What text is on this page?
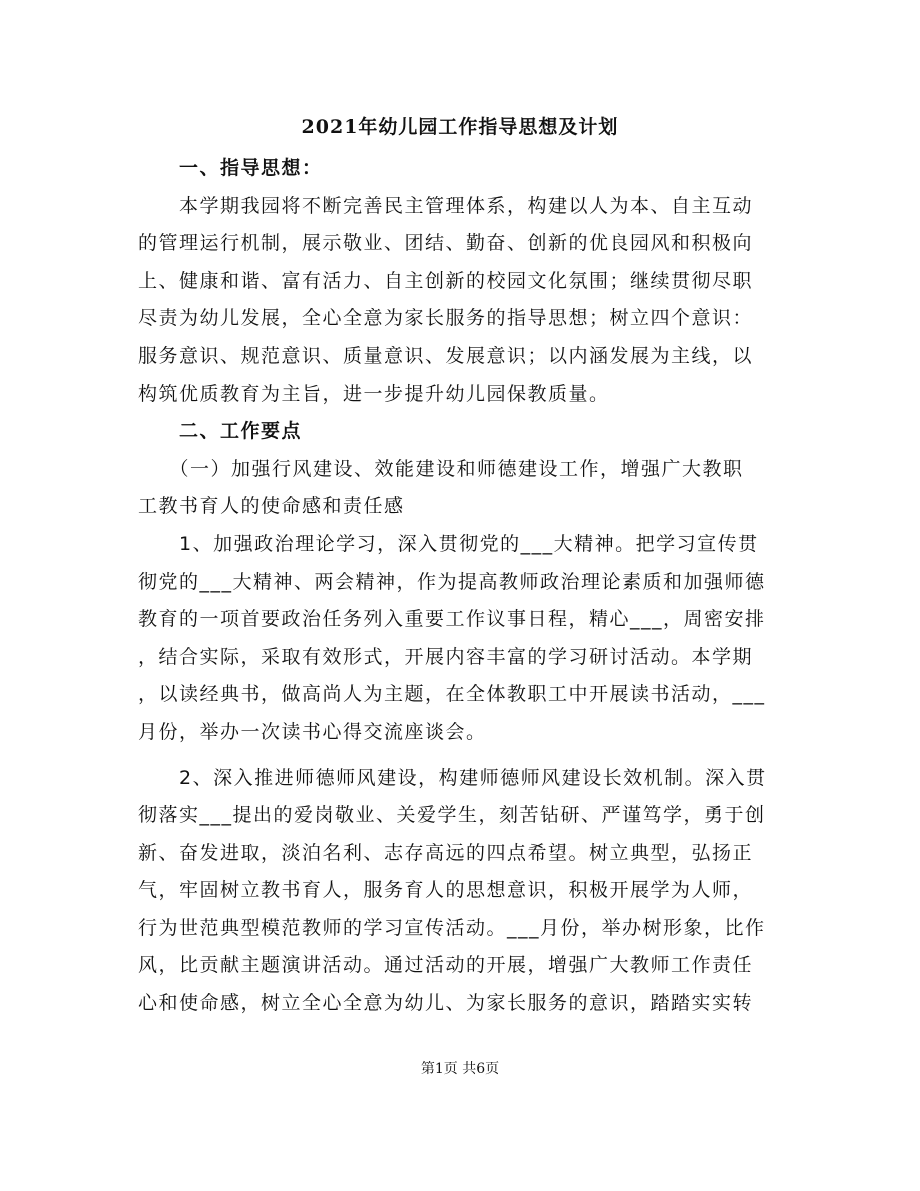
2021年幼儿园工作指导思想及计划
　　一、指导思想：
　　本学期我园将不断完善民主管理体系，构建以人为本、自主互动
的管理运行机制，展示敬业、团结、勤奋、创新的优良园风和积极向
上、健康和谐、富有活力、自主创新的校园文化氛围；继续贯彻尽职
尽责为幼儿发展，全心全意为家长服务的指导思想；树立四个意识：
服务意识、规范意识、质量意识、发展意识；以内涵发展为主线，以
构筑优质教育为主旨，进一步提升幼儿园保教质量。
　　二、工作要点
　　（一）加强行风建设、效能建设和师德建设工作，增强广大教职
工教书育人的使命感和责任感
　　1、加强政治理论学习，深入贯彻党的___大精神。把学习宣传贯
彻党的___大精神、两会精神，作为提高教师政治理论素质和加强师德
教育的一项首要政治任务列入重要工作议事日程，精心___，周密安排
，结合实际，采取有效形式，开展内容丰富的学习研讨活动。本学期
，以读经典书，做高尚人为主题，在全体教职工中开展读书活动，___
月份，举办一次读书心得交流座谈会。
　　2、深入推进师德师风建设，构建师德师风建设长效机制。深入贯
彻落实___提出的爱岗敬业、关爱学生，刻苦钻研、严谨笃学，勇于创
新、奋发进取，淡泊名利、志存高远的四点希望。树立典型，弘扬正
气，牢固树立教书育人，服务育人的思想意识，积极开展学为人师，
行为世范典型模范教师的学习宣传活动。___月份，举办树形象，比作
风，比贡献主题演讲活动。通过活动的开展，增强广大教师工作责任
心和使命感，树立全心全意为幼儿、为家长服务的意识，踏踏实实转
第1页 共6页
